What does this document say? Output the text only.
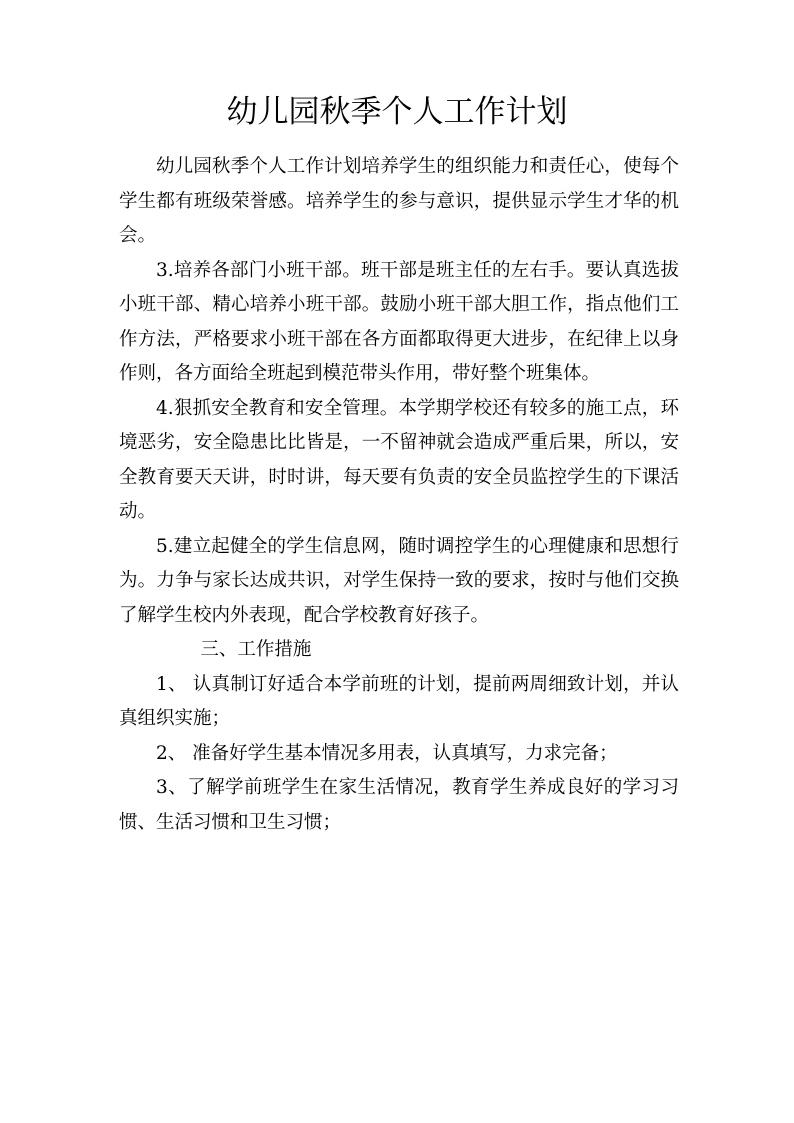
幼儿园秋季个人工作计划

幼儿园秋季个人工作计划培养学生的组织能力和责任心，使每个学生都有班级荣誉感。培养学生的参与意识，提供显示学生才华的机会。

3.培养各部门小班干部。班干部是班主任的左右手。要认真选拔小班干部、精心培养小班干部。鼓励小班干部大胆工作，指点他们工作方法，严格要求小班干部在各方面都取得更大进步，在纪律上以身作则，各方面给全班起到模范带头作用，带好整个班集体。

4.狠抓安全教育和安全管理。本学期学校还有较多的施工点，环境恶劣，安全隐患比比皆是，一不留神就会造成严重后果，所以，安全教育要天天讲，时时讲，每天要有负责的安全员监控学生的下课活动。

5.建立起健全的学生信息网，随时调控学生的心理健康和思想行为。力争与家长达成共识，对学生保持一致的要求，按时与他们交换了解学生校内外表现，配合学校教育好孩子。

三、工作措施

1、 认真制订好适合本学前班的计划，提前两周细致计划，并认真组织实施；

2、 准备好学生基本情况多用表，认真填写，力求完备；

3、了解学前班学生在家生活情况，教育学生养成良好的学习习惯、生活习惯和卫生习惯；
